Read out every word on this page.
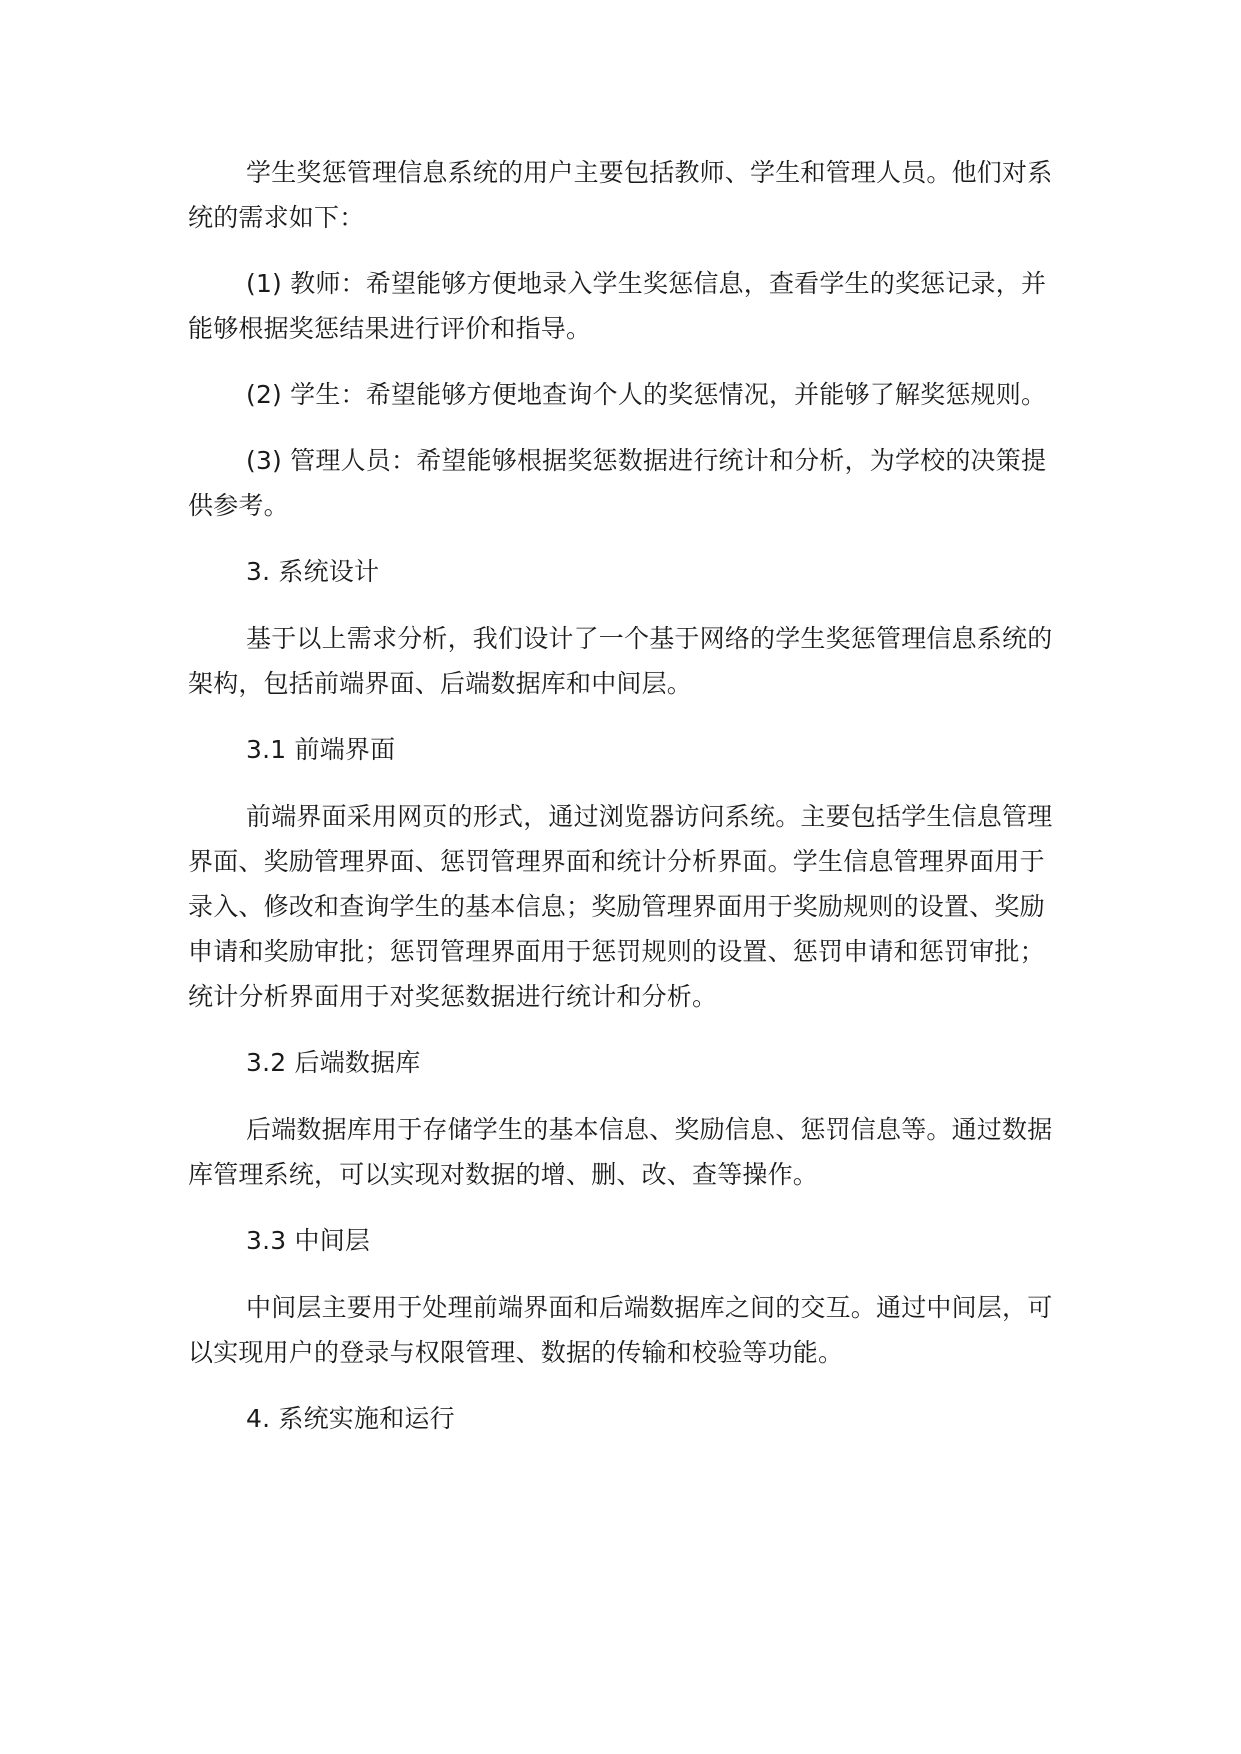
学生奖惩管理信息系统的用户主要包括教师、学生和管理人员。他们对系统的需求如下：

(1) 教师：希望能够方便地录入学生奖惩信息，查看学生的奖惩记录，并能够根据奖惩结果进行评价和指导。

(2) 学生：希望能够方便地查询个人的奖惩情况，并能够了解奖惩规则。

(3) 管理人员：希望能够根据奖惩数据进行统计和分析，为学校的决策提供参考。

3. 系统设计

基于以上需求分析，我们设计了一个基于网络的学生奖惩管理信息系统的架构，包括前端界面、后端数据库和中间层。

3.1 前端界面

前端界面采用网页的形式，通过浏览器访问系统。主要包括学生信息管理界面、奖励管理界面、惩罚管理界面和统计分析界面。学生信息管理界面用于录入、修改和查询学生的基本信息；奖励管理界面用于奖励规则的设置、奖励申请和奖励审批；惩罚管理界面用于惩罚规则的设置、惩罚申请和惩罚审批；统计分析界面用于对奖惩数据进行统计和分析。

3.2 后端数据库

后端数据库用于存储学生的基本信息、奖励信息、惩罚信息等。通过数据库管理系统，可以实现对数据的增、删、改、查等操作。

3.3 中间层

中间层主要用于处理前端界面和后端数据库之间的交互。通过中间层，可以实现用户的登录与权限管理、数据的传输和校验等功能。

4. 系统实施和运行
